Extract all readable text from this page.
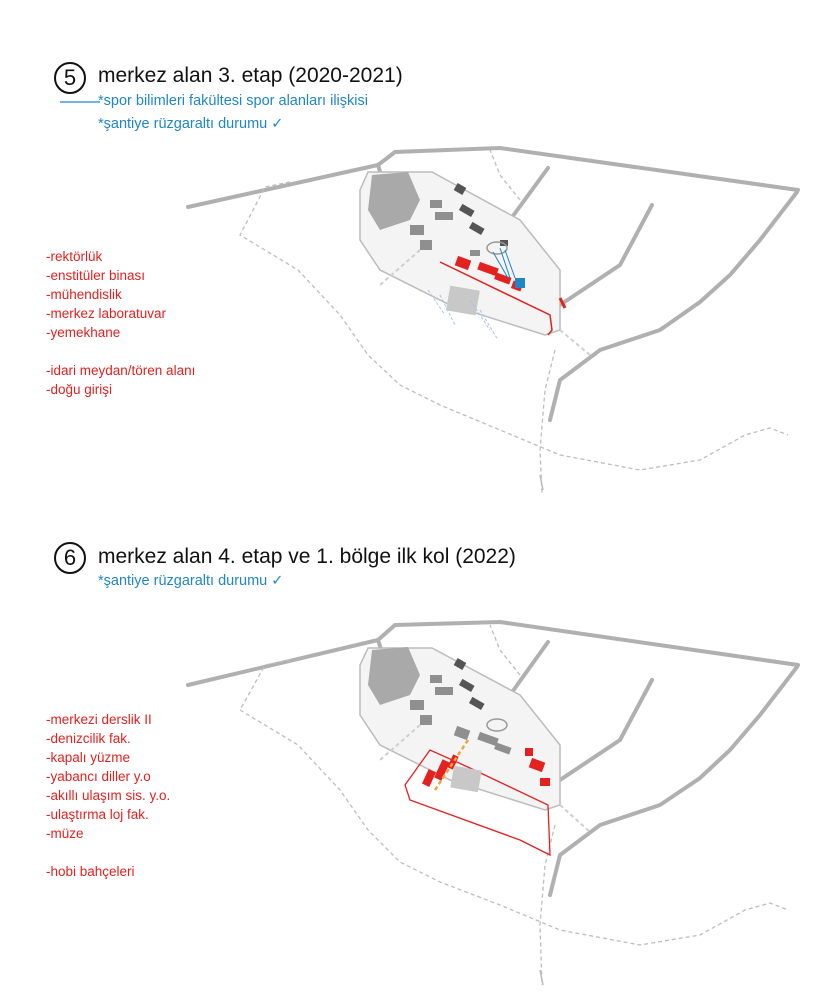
5 merkez alan 3. etap (2020-2021)
*spor bilimleri fakültesi spor alanları ilişkisi
*şantiye rüzgaraltı durumu ✓
-rektörlük
-enstitüler binası
-mühendislik
-merkez laboratuvar
-yemekhane
-idari meydan/tören alanı
-doğu girişi
6 merkez alan 4. etap ve 1. bölge ilk kol (2022)
*şantiye rüzgaraltı durumu ✓
-merkezi derslik II
-denizcilik fak.
-kapalı yüzme
-yabancı diller y.o
-akıllı ulaşım sis. y.o.
-ulaştırma loj fak.
-müze
-hobi bahçeleri
